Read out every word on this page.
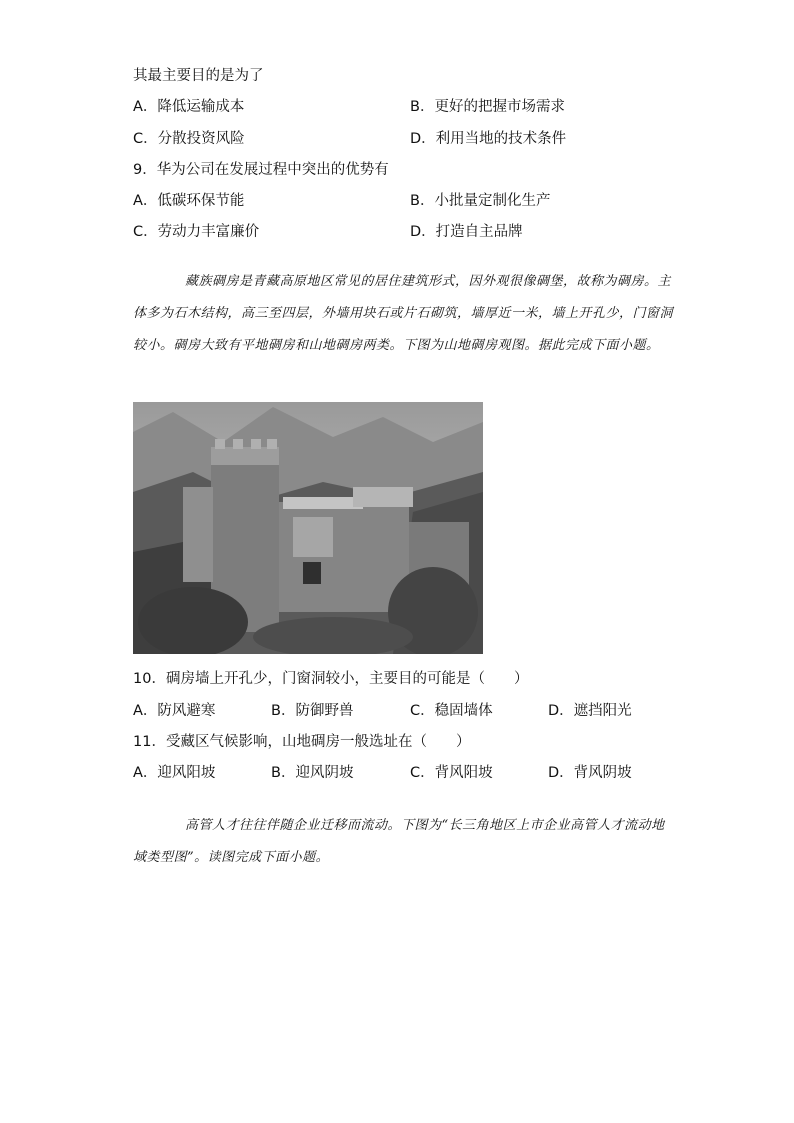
其最主要目的是为了
A．降低运输成本	B．更好的把握市场需求
C．分散投资风险	D．利用当地的技术条件
9．华为公司在发展过程中突出的优势有
A．低碳环保节能	B．小批量定制化生产
C．劳动力丰富廉价	D．打造自主品牌
藏族碉房是青藏高原地区常见的居住建筑形式，因外观很像碉堡，故称为碉房。主体多为石木结构，高三至四层，外墙用块石或片石砌筑，墙厚近一米，墙上开孔少，门窗洞较小。碉房大致有平地碉房和山地碉房两类。下图为山地碉房观图。据此完成下面小题。
10．碉房墙上开孔少，门窗洞较小，主要目的可能是（　　）
A．防风避寒	B．防御野兽	C．稳固墙体	D．遮挡阳光
11．受藏区气候影响，山地碉房一般选址在（　　）
A．迎风阳坡	B．迎风阴坡	C．背风阳坡	D．背风阴坡
高管人才往往伴随企业迁移而流动。下图为“长三角地区上市企业高管人才流动地域类型图”。读图完成下面小题。
